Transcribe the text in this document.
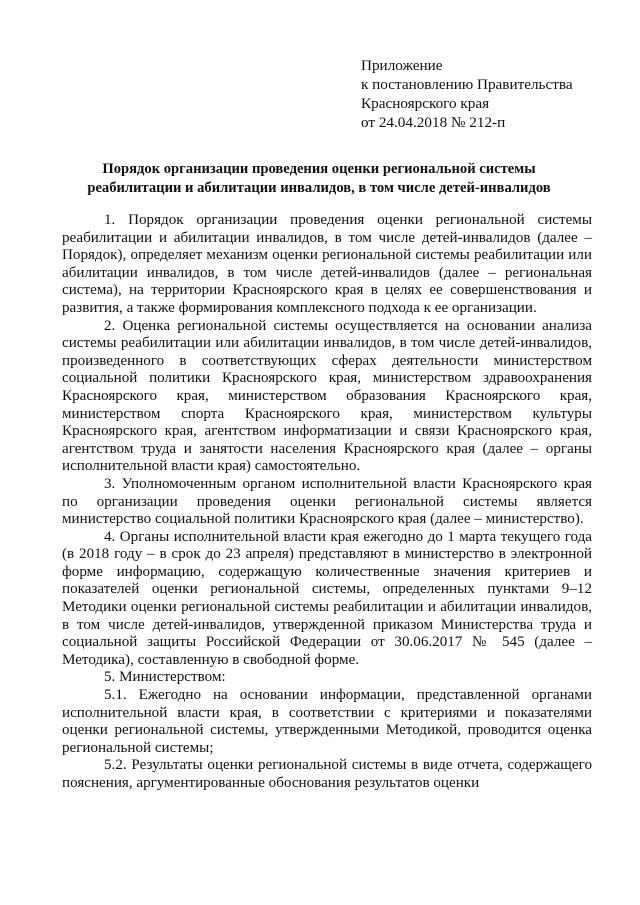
Приложение
к постановлению Правительства
Красноярского края
от 24.04.2018 № 212-п
Порядок организации проведения оценки региональной системы реабилитации и абилитации инвалидов, в том числе детей-инвалидов

1. Порядок организации проведения оценки региональной системы реабилитации и абилитации инвалидов, в том числе детей-инвалидов (далее – Порядок), определяет механизм оценки региональной системы реабилитации или абилитации инвалидов, в том числе детей-инвалидов (далее – региональная система), на территории Красноярского края в целях ее совершенствования и развития, а также формирования комплексного подхода к ее организации.

2. Оценка региональной системы осуществляется на основании анализа системы реабилитации или абилитации инвалидов, в том числе детей-инвалидов, произведенного в соответствующих сферах деятельности министерством социальной политики Красноярского края, министерством здравоохранения Красноярского края, министерством образования Красноярского края, министерством спорта Красноярского края, министерством культуры Красноярского края, агентством информатизации и связи Красноярского края, агентством труда и занятости населения Красноярского края (далее – органы исполнительной власти края) самостоятельно.

3. Уполномоченным органом исполнительной власти Красноярского края по организации проведения оценки региональной системы является министерство социальной политики Красноярского края (далее – министерство).

4. Органы исполнительной власти края ежегодно до 1 марта текущего года (в 2018 году – в срок до 23 апреля) представляют в министерство в электронной форме информацию, содержащую количественные значения критериев и показателей оценки региональной системы, определенных пунктами 9–12 Методики оценки региональной системы реабилитации и абилитации инвалидов, в том числе детей-инвалидов, утвержденной приказом Министерства труда и социальной защиты Российской Федерации от 30.06.2017 № 545 (далее – Методика), составленную в свободной форме.

5. Министерством:

5.1. Ежегодно на основании информации, представленной органами исполнительной власти края, в соответствии с критериями и показателями оценки региональной системы, утвержденными Методикой, проводится оценка региональной системы;

5.2. Результаты оценки региональной системы в виде отчета, содержащего пояснения, аргументированные обоснования результатов оценки
